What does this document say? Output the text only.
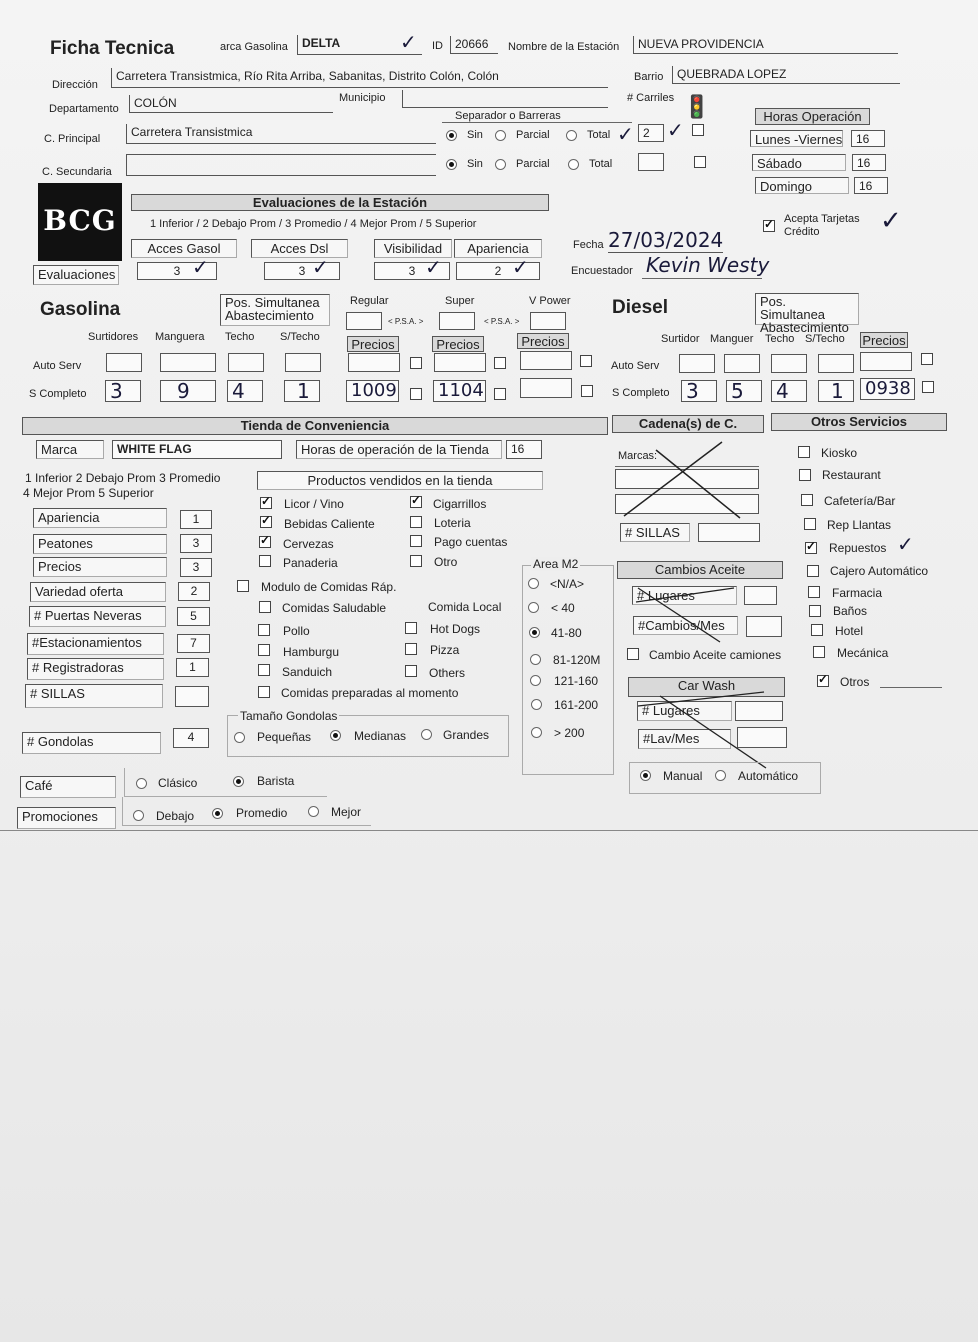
Ficha Tecnica	arca Gasolina	DELTA	✓ ID	20666	Nombre de la Estación	NUEVA PROVIDENCIA
Dirección
Carretera Transistmica, Río Rita Arriba, Sabanitas, Distrito Colón, Colón	Barrio	QUEBRADA LOPEZ
Departamento	COLÓN	Municipio
C. Principal	Carretera Transistmica
C. Secundaria
Separador o Barreras
# Carriles 🚦
Sin	Parcial	Total ✓ 2 ✓
Sin	Parcial	Total
Horas Operación
Lunes -Viernes	16
Sábado	16
Domingo	16
BCG
Evaluaciones de la Estación
1 Inferior / 2 Debajo Prom / 3 Promedio / 4 Mejor Prom / 5 Superior
Evaluaciones
Acces Gasol
3
Acces Dsl
3
Visibilidad
3
Apariencia
2
✓	✓	✓	✓
✓
Acepta Tarjetas Crédito	✓
Fecha 27/03/2024
Encuestador Kevin Westy
Gasolina	Pos. Simultanea Abastecimiento
Regular	Super	V Power
< P.S.A. >	< P.S.A. >
Surtidores Manguera Techo S/Techo	Precios	Precios	Precios
Auto Serv
S Completo 3	9	4	1	1009 1104
Diesel	Pos. Simultanea Abastecimiento
Surtidor Manguer Techo S/Techo Precios
Auto Serv
S Completo 3	5	4	1	0938
Tienda de Conveniencia	Cadena(s) de C.	Otros Servicios
Marca	WHITE FLAG	Horas de operación de la Tienda	16
1 Inferior 2 Debajo Prom 3 Promedio
4 Mejor Prom 5 Superior
Apariencia	1
Peatones	3
Precios	3
Variedad oferta	2
# Puertas Neveras	5
#Estacionamientos	7
# Registradoras	1
# SILLAS
# Gondolas	4
Productos vendidos en la tienda
✓
Licor / Vino
✓
Bebidas Caliente
✓
Cervezas
Panaderia
✓
Cigarrillos
Loteria
Pago cuentas
Otro
Modulo de Comidas Ráp.
Comidas Saludable	Comida Local
Pollo
Hamburgu
Sanduich
Hot Dogs
Pizza
Others
Comidas preparadas al momento
Tamaño Gondolas
Pequeñas	Medianas	Grandes
Area M2
<N/A>
< 40
41-80
81-120M
121-160
161-200
> 200
Café	Clásico	Barista
Promociones	Debajo	Promedio	Mejor
Marcas:
# SILLAS
Cambios Aceite
# Lugares
#Cambios/Mes
Cambio Aceite camiones
Car Wash
# Lugares
#Lav/Mes
Manual	Automático
Kiosko
Restaurant
Cafetería/Bar
Rep Llantas
✓
Repuestos ✓
Cajero Automático
Farmacia
Baños
Hotel
Mecánica
✓
Otros
